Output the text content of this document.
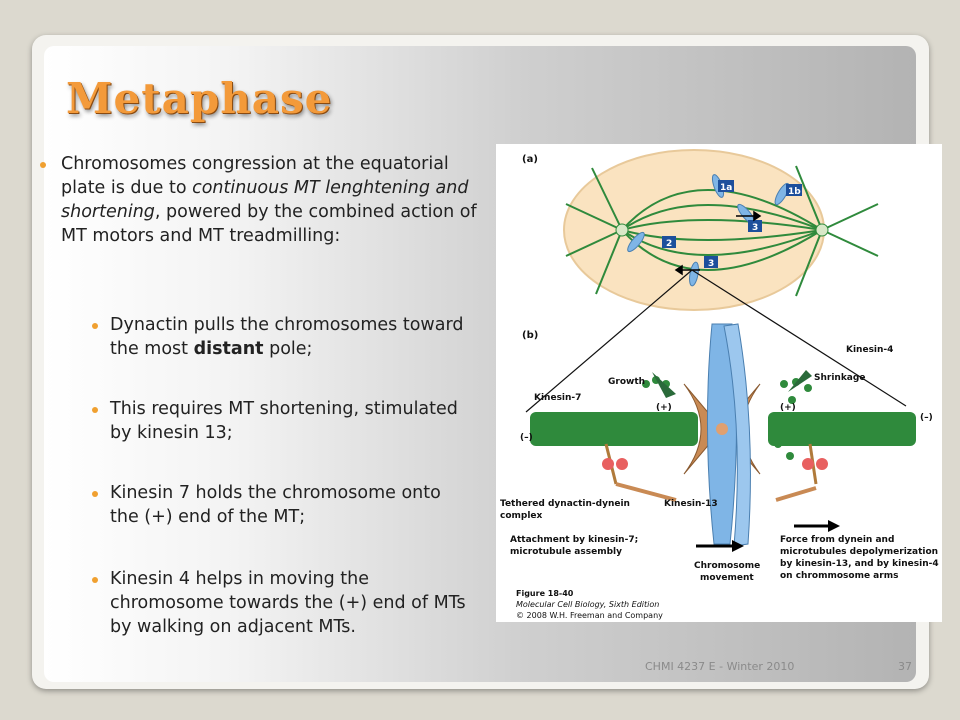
Metaphase
Chromosomes congression at the equatorial plate is due to continuous MT lenghtening and shortening, powered by the combined action of MT motors and MT treadmilling:
Dynactin pulls the chromosomes toward the most distant pole;
This requires MT shortening, stimulated by kinesin 13;
Kinesin 7 holds the chromosome onto the (+) end of the MT;
Kinesin 4 helps in moving the chromosome towards the (+) end of MTs by walking on adjacent MTs.
(a)
1a	1b
3
2
3
(b)
Kinesin-4
Growth	Shrinkage
Kinesin-7
(+)	(+)
(–)
(–)
Tethered dynactin-dynein
complex
Kinesin-13
Attachment by kinesin-7;
microtubule assembly
Chromosome
movement
Force from dynein and
microtubules depolymerization
by kinesin-13, and by kinesin-4
on chrommosome arms
Figure 18-40
Molecular Cell Biology, Sixth Edition
© 2008 W.H. Freeman and Company
CHMI 4237 E - Winter 2010	37
